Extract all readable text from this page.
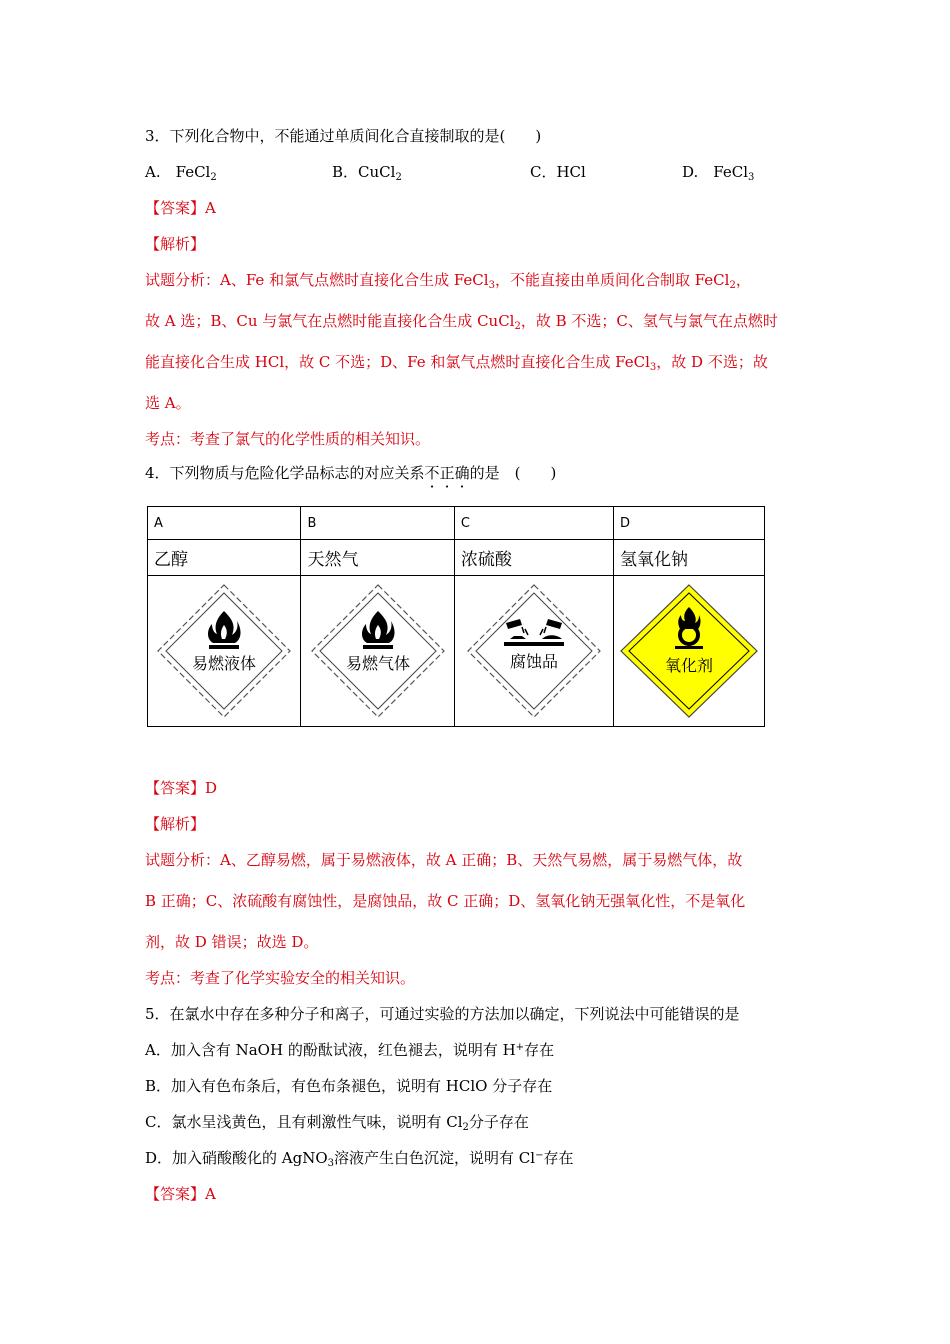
3．下列化合物中，不能通过单质间化合直接制取的是(　　)
A.　FeCl$_2$	B．CuCl$_2$	C．HCl	D.　FeCl$_3$
【答案】A
【解析】
试题分析：A、Fe 和氯气点燃时直接化合生成 FeCl$_3$，不能直接由单质间化合制取 FeCl$_2$，
故 A 选；B、Cu 与氯气在点燃时能直接化合生成 CuCl$_2$，故 B 不选；C、氢气与氯气在点燃时
能直接化合生成 HCl，故 C 不选；D、Fe 和氯气点燃时直接化合生成 FeCl$_3$，故 D 不选；故
选 A。
考点：考查了氯气的化学性质的相关知识。
4．下列物质与危险化学品标志的对应关系不正确的是　(　　)
A	B	C	D
乙醇	天然气	浓硫酸	氢氧化钠

易燃液体	易燃气体	腐蚀品	氧化剂
【答案】D
【解析】
试题分析：A、乙醇易燃，属于易燃液体，故 A 正确；B、天然气易燃，属于易燃气体，故
B 正确；C、浓硫酸有腐蚀性，是腐蚀品，故 C 正确；D、氢氧化钠无强氧化性，不是氧化
剂，故 D 错误；故选 D。
考点：考查了化学实验安全的相关知识。
5．在氯水中存在多种分子和离子，可通过实验的方法加以确定，下列说法中可能错误的是
A．加入含有 NaOH 的酚酞试液，红色褪去，说明有 H+存在
B．加入有色布条后，有色布条褪色，说明有 HClO 分子存在
C．氯水呈浅黄色，且有刺激性气味，说明有 $Cl_2$分子存在
D．加入硝酸酸化的 AgNO$_3$溶液产生白色沉淀，说明有 Cl−存在
【答案】A
